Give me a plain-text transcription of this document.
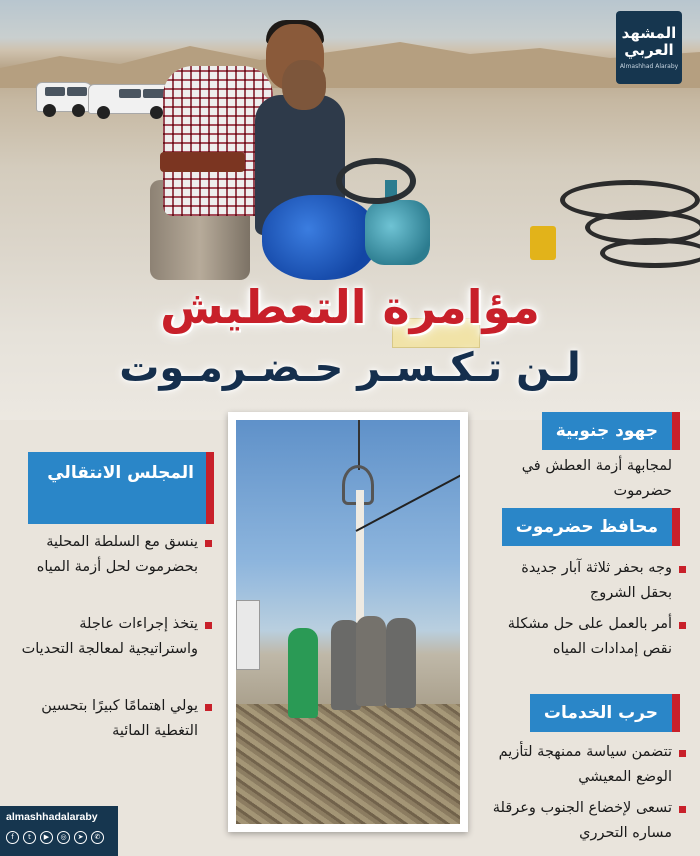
المشهد
العربي
Almashhad Alaraby
مؤامرة التعطيش
لـن تـكـسـر حـضـرمـوت
المجلس الانتقالي
ينسق مع السلطة المحلية بحضرموت لحل أزمة المياه
يتخذ إجراءات عاجلة واستراتيجية لمعالجة التحديات
يولي اهتمامًا كبيرًا بتحسين التغطية المائية
جهود جنوبية
لمجابهة أزمة العطش في حضرموت
محافظ حضرموت
وجه بحفر ثلاثة آبار جديدة بحقل الشروج
أمر بالعمل على حل مشكلة نقص إمدادات المياه
حرب الخدمات
تتضمن سياسة ممنهجة لتأزيم الوضع المعيشي
تسعى لإخضاع الجنوب وعرقلة مساره التحرري
almashhadalaraby
f	t	▶	◎	➤	✆
